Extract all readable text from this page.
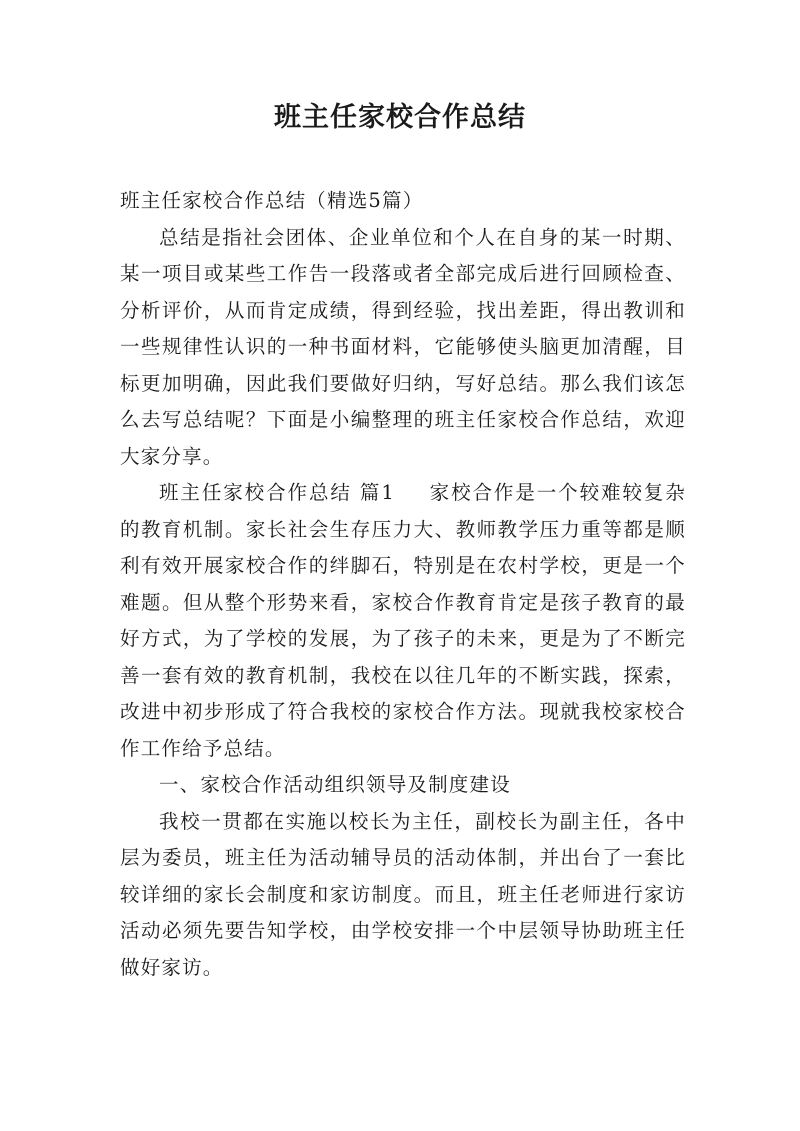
班主任家校合作总结

班主任家校合作总结（精选5篇）

总结是指社会团体、企业单位和个人在自身的某一时期、某一项目或某些工作告一段落或者全部完成后进行回顾检查、分析评价，从而肯定成绩，得到经验，找出差距，得出教训和一些规律性认识的一种书面材料，它能够使头脑更加清醒，目标更加明确，因此我们要做好归纳，写好总结。那么我们该怎么去写总结呢？下面是小编整理的班主任家校合作总结，欢迎大家分享。

班主任家校合作总结 篇1 家校合作是一个较难较复杂的教育机制。家长社会生存压力大、教师教学压力重等都是顺利有效开展家校合作的绊脚石，特别是在农村学校，更是一个难题。但从整个形势来看，家校合作教育肯定是孩子教育的最好方式，为了学校的发展，为了孩子的未来，更是为了不断完善一套有效的教育机制，我校在以往几年的不断实践，探索，改进中初步形成了符合我校的家校合作方法。现就我校家校合作工作给予总结。

一、家校合作活动组织领导及制度建设

我校一贯都在实施以校长为主任，副校长为副主任，各中层为委员，班主任为活动辅导员的活动体制，并出台了一套比较详细的家长会制度和家访制度。而且，班主任老师进行家访活动必须先要告知学校，由学校安排一个中层领导协助班主任做好家访。
